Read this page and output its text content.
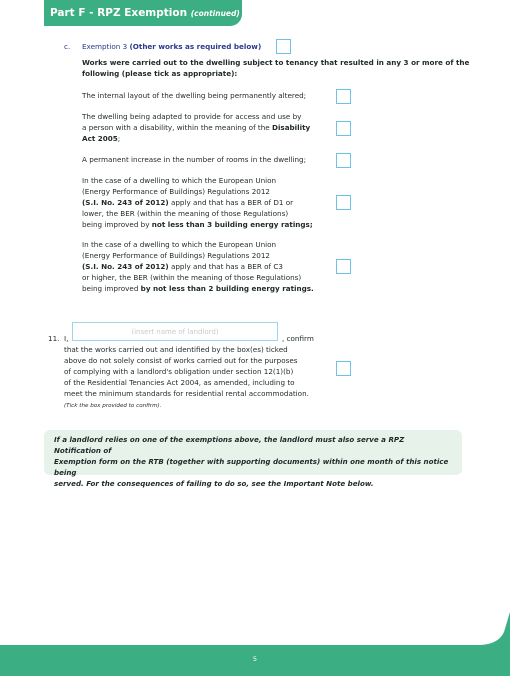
Part F - RPZ Exemption (continued)
c. Exemption 3 (Other works as required below)
Works were carried out to the dwelling subject to tenancy that resulted in any 3 or more of the
following (please tick as appropriate):
The internal layout of the dwelling being permanently altered;
The dwelling being adapted to provide for access and use by
a person with a disability, within the meaning of the Disability
Act 2005;
A permanent increase in the number of rooms in the dwelling;
In the case of a dwelling to which the European Union
(Energy Performance of Buildings) Regulations 2012
(S.I. No. 243 of 2012) apply and that has a BER of D1 or
lower, the BER (within the meaning of those Regulations)
being improved by not less than 3 building energy ratings;
In the case of a dwelling to which the European Union
(Energy Performance of Buildings) Regulations 2012
(S.I. No. 243 of 2012) apply and that has a BER of C3
or higher, the BER (within the meaning of those Regulations)
being improved by not less than 2 building energy ratings.
11. I,
(insert name of landlord)	, confirm
that the works carried out and identified by the box(es) ticked
above do not solely consist of works carried out for the purposes
of complying with a landlord's obligation under section 12(1)(b)
of the Residential Tenancies Act 2004, as amended, including to
meet the minimum standards for residential rental accommodation.
(Tick the box provided to confirm).
If a landlord relies on one of the exemptions above, the landlord must also serve a RPZ Notification of
Exemption form on the RTB (together with supporting documents) within one month of this notice being
served. For the consequences of failing to do so, see the Important Note below.
5
